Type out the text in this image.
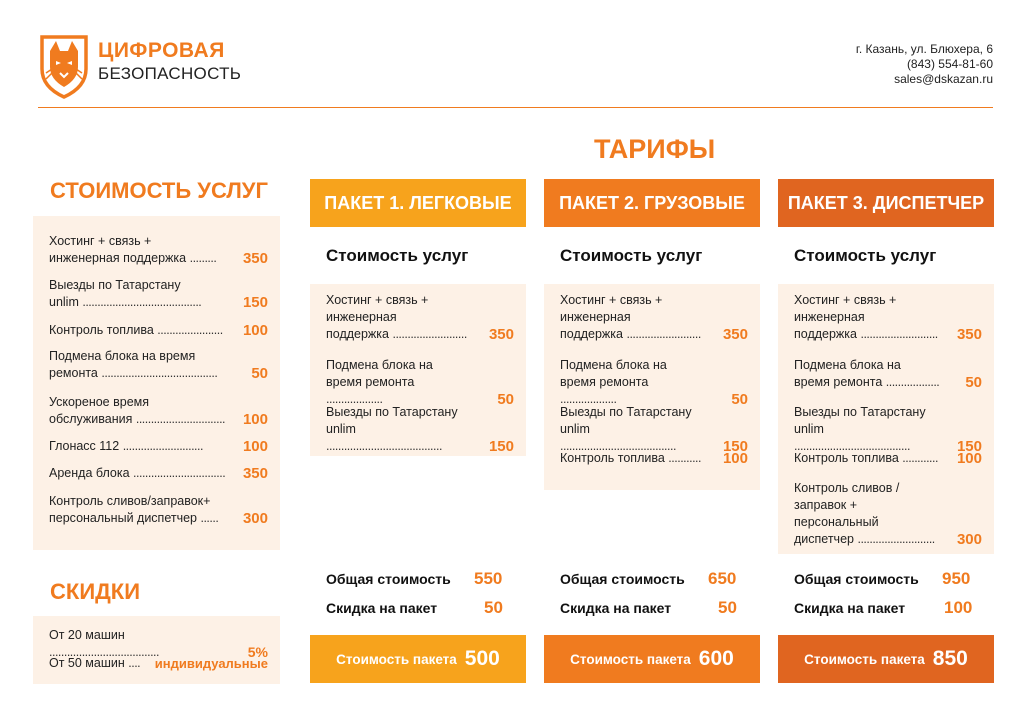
ЦИФРОВАЯ
БЕЗОПАСНОСТЬ
г. Казань, ул. Блюхера, 6
(843) 554-81-60
sales@dskazan.ru
ТАРИФЫ
СТОИМОСТЬ УСЛУГ
Хостинг + связь +
инженерная поддержка .........	350
Выезды по Татарстану
unlim ........................................	150
Контроль топлива ......................	100
Подмена блока на время
ремонта .......................................	50
Ускореное время
обслуживания ..............................	100
Глонасс 112 ...........................	100
Аренда блока ...............................	350
Контроль сливов/заправок+
персональный диспетчер ......	300
СКИДКИ
От 20 машин .....................................	5%
От 50 машин ....	индивидуальные
ПАКЕТ 1. ЛЕГКОВЫЕ
Стоимость услуг
Хостинг + связь +
инженерная
поддержка .........................	350
Подмена блока на
время ремонта ...................	50
Выезды по Татарстану
unlim .......................................	150
Общая стоимость 550
Скидка на пакет	50
Стоимость пакета 500
ПАКЕТ 2. ГРУЗОВЫЕ
Стоимость услуг
Хостинг + связь +
инженерная
поддержка .........................	350
Подмена блока на
время ремонта ...................	50
Выезды по Татарстану
unlim .......................................	150
Контроль топлива ...........	100
Общая стоимость 650
Скидка на пакет	50
Стоимость пакета 600
ПАКЕТ 3. ДИСПЕТЧЕР
Стоимость услуг
Хостинг + связь +
инженерная
поддержка ..........................	350
Подмена блока на
время ремонта ..................	50
Выезды по Татарстану
unlim .......................................	150
Контроль топлива ............	100
Контроль сливов /
заправок + персональный
диспетчер ..........................	300
Общая стоимость 950
Скидка на пакет 100
Стоимость пакета 850
